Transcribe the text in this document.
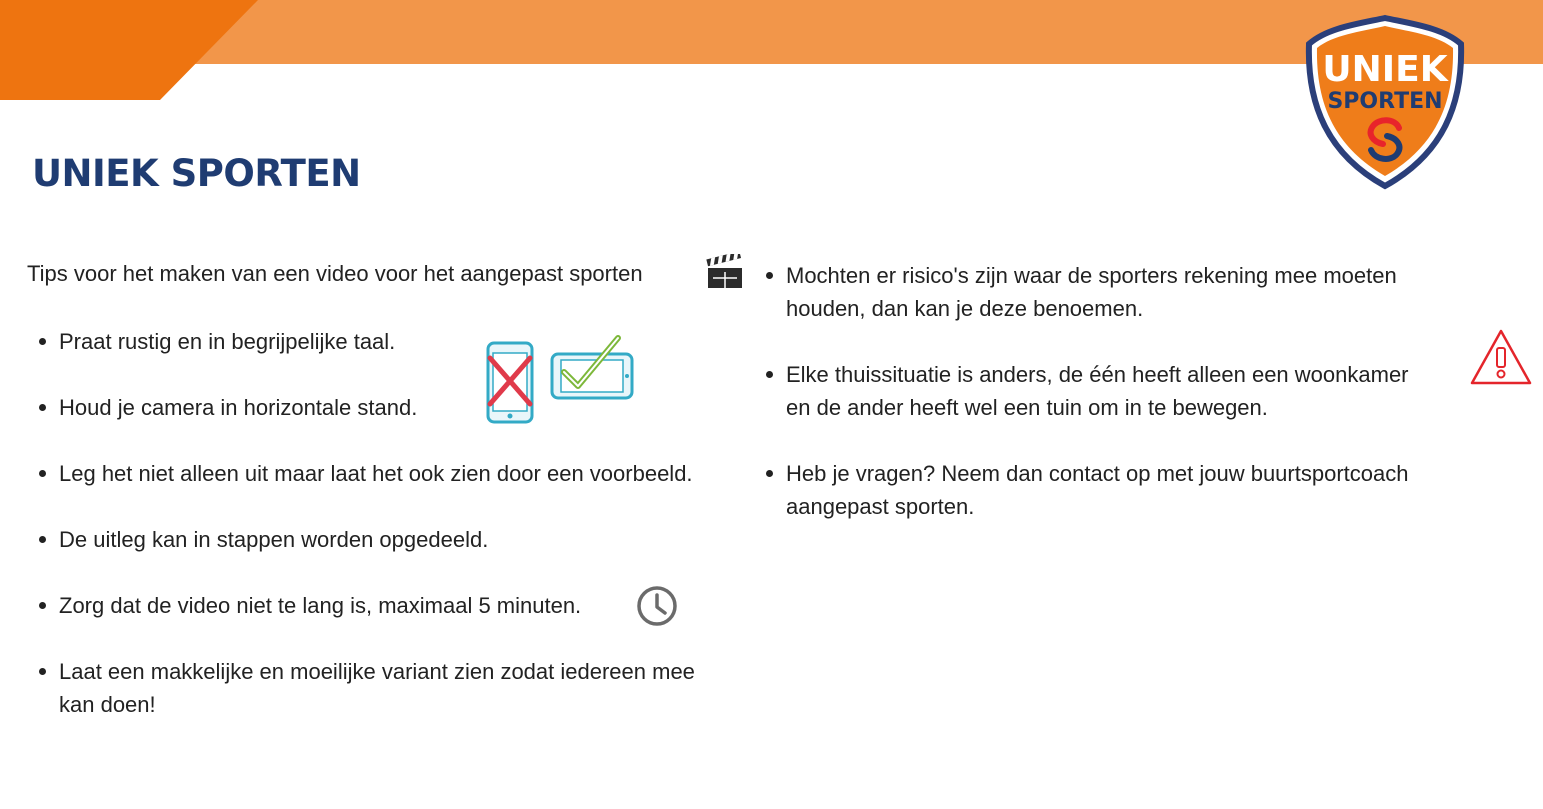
UNIEK
SPORTEN
UNIEK SPORTEN
Tips voor het maken van een video voor het aangepast sporten
Praat rustig en in begrijpelijke taal.
Houd je camera in horizontale stand.
Leg het niet alleen uit maar laat het ook zien door een voorbeeld.
De uitleg kan in stappen worden opgedeeld.
Zorg dat de video niet te lang is, maximaal 5 minuten.
Laat een makkelijke en moeilijke variant zien zodat iedereen mee
kan doen!
Mochten er risico's zijn waar de sporters rekening mee moeten
houden, dan kan je deze benoemen.
Elke thuissituatie is anders, de één heeft alleen een woonkamer
en de ander heeft wel een tuin om in te bewegen.
Heb je vragen? Neem dan contact op met jouw buurtsportcoach
aangepast sporten.
